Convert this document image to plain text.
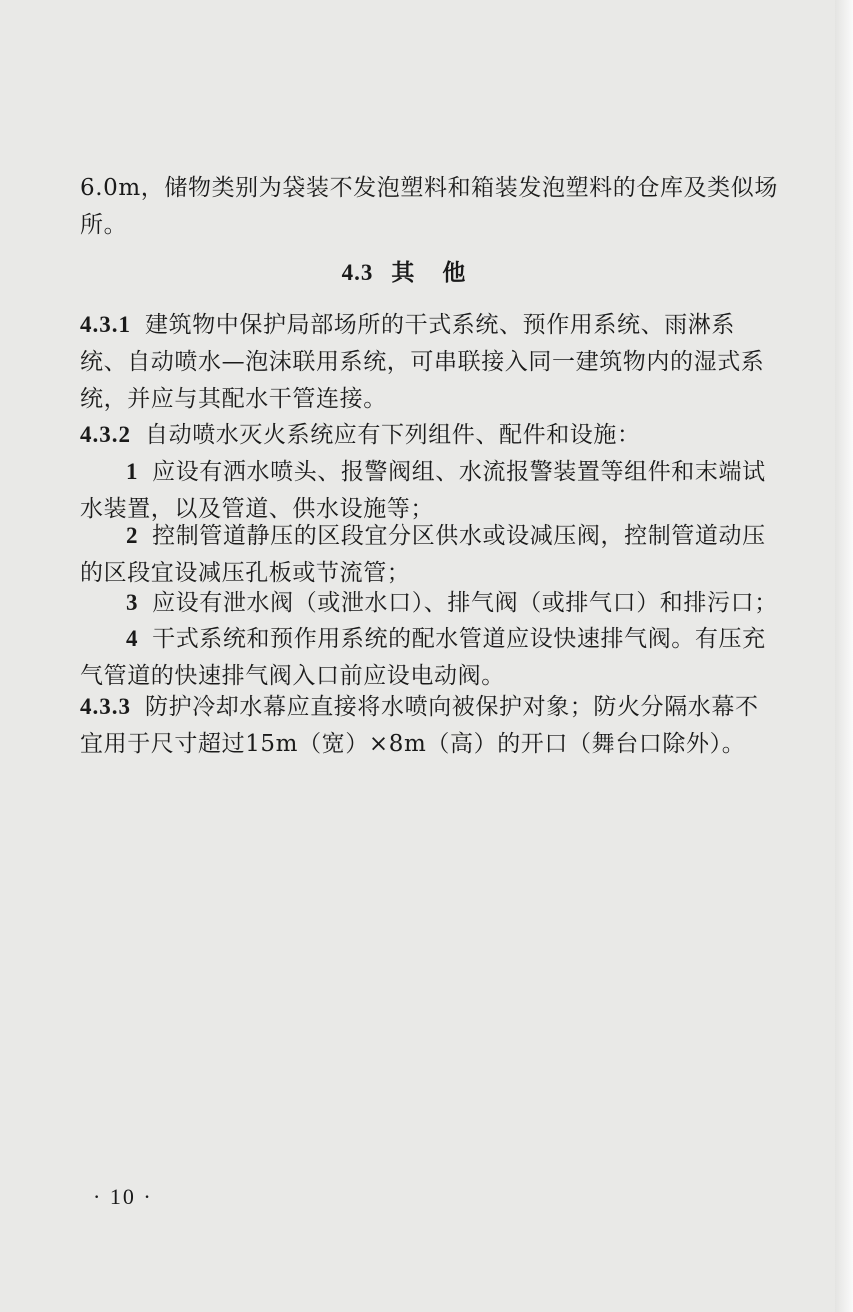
6.0m，储物类别为袋装不发泡塑料和箱装发泡塑料的仓库及类似场所。

4.3 其他

4.3.1 建筑物中保护局部场所的干式系统、预作用系统、雨淋系统、自动喷水—泡沫联用系统，可串联接入同一建筑物内的湿式系统，并应与其配水干管连接。

4.3.2 自动喷水灭火系统应有下列组件、配件和设施：

1 应设有洒水喷头、报警阀组、水流报警装置等组件和末端试水装置，以及管道、供水设施等；

2 控制管道静压的区段宜分区供水或设减压阀，控制管道动压的区段宜设减压孔板或节流管；

3 应设有泄水阀（或泄水口）、排气阀（或排气口）和排污口；

4 干式系统和预作用系统的配水管道应设快速排气阀。有压充气管道的快速排气阀入口前应设电动阀。

4.3.3 防护冷却水幕应直接将水喷向被保护对象；防火分隔水幕不宜用于尺寸超过15m（宽）×8m（高）的开口（舞台口除外）。

· 10 ·
